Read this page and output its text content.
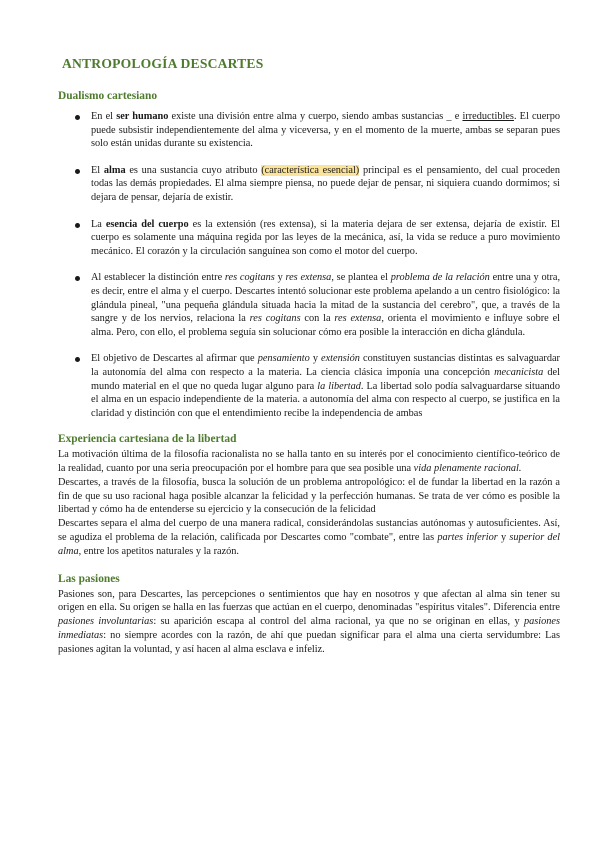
ANTROPOLOGÍA DESCARTES
Dualismo cartesiano
En el ser humano existe una división entre alma y cuerpo, siendo ambas sustancias _ e irreductibles. El cuerpo puede subsistir independientemente del alma y viceversa, y en el momento de la muerte, ambas se separan pues solo están unidas durante su existencia.
El alma es una sustancia cuyo atributo (característica esencial) principal es el pensamiento, del cual proceden todas las demás propiedades. El alma siempre piensa, no puede dejar de pensar, ni siquiera cuando dormimos; si dejara de pensar, dejaría de existir.
La esencia del cuerpo es la extensión (res extensa), si la materia dejara de ser extensa, dejaría de existir. El cuerpo es solamente una máquina regida por las leyes de la mecánica, así, la vida se reduce a puro movimiento mecánico. El corazón y la circulación sanguínea son como el motor del cuerpo.
Al establecer la distinción entre res cogitans y res extensa, se plantea el problema de la relación entre una y otra, es decir, entre el alma y el cuerpo. Descartes intentó solucionar este problema apelando a un centro fisiológico: la glándula pineal, "una pequeña glándula situada hacia la mitad de la sustancia del cerebro", que, a través de la sangre y de los nervios, relaciona la res cogitans con la res extensa, orienta el movimiento e influye sobre el alma. Pero, con ello, el problema seguía sin solucionar cómo era posible la interacción en dicha glándula.
El objetivo de Descartes al afirmar que pensamiento y extensión constituyen sustancias distintas es salvaguardar la autonomía del alma con respecto a la materia. La ciencia clásica imponía una concepción mecanicista del mundo material en el que no queda lugar alguno para la libertad. La libertad solo podía salvaguardarse situando el alma en un espacio independiente de la materia. a autonomía del alma con respecto al cuerpo, se justifica en la claridad y distinción con que el entendimiento recibe la independencia de ambas
Experiencia cartesiana de la libertad

La motivación última de la filosofía racionalista no se halla tanto en su interés por el conocimiento científico-teórico de la realidad, cuanto por una seria preocupación por el hombre para que sea posible una vida plenamente racional.

Descartes, a través de la filosofía, busca la solución de un problema antropológico: el de fundar la libertad en la razón a fin de que su uso racional haga posible alcanzar la felicidad y la perfección humanas. Se trata de ver cómo es posible la libertad y cómo ha de entenderse su ejercicio y la consecución de la felicidad

Descartes separa el alma del cuerpo de una manera radical, considerándolas sustancias autónomas y autosuficientes. Así, se agudiza el problema de la relación, calificada por Descartes como "combate", entre las partes inferior y superior del alma, entre los apetitos naturales y la razón.

Las pasiones

Pasiones son, para Descartes, las percepciones o sentimientos que hay en nosotros y que afectan al alma sin tener su origen en ella. Su origen se halla en las fuerzas que actúan en el cuerpo, denominadas "espíritus vitales". Diferencia entre pasiones involuntarias: su aparición escapa al control del alma racional, ya que no se originan en ellas, y pasiones inmediatas: no siempre acordes con la razón, de ahí que puedan significar para el alma una cierta servidumbre: Las pasiones agitan la voluntad, y así hacen al alma esclava e infeliz.
